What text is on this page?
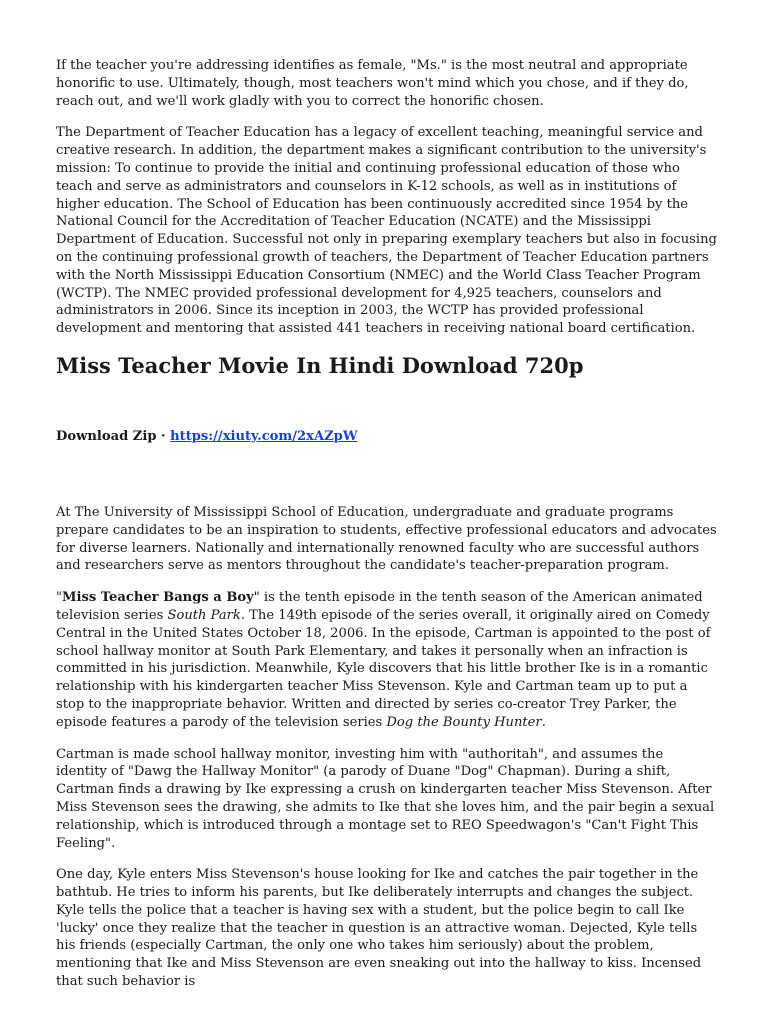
If the teacher you're addressing identifies as female, "Ms." is the most neutral and appropriate honorific to use. Ultimately, though, most teachers won't mind which you chose, and if they do, reach out, and we'll work gladly with you to correct the honorific chosen.

The Department of Teacher Education has a legacy of excellent teaching, meaningful service and creative research. In addition, the department makes a significant contribution to the university's mission: To continue to provide the initial and continuing professional education of those who teach and serve as administrators and counselors in K-12 schools, as well as in institutions of higher education. The School of Education has been continuously accredited since 1954 by the National Council for the Accreditation of Teacher Education (NCATE) and the Mississippi Department of Education. Successful not only in preparing exemplary teachers but also in focusing on the continuing professional growth of teachers, the Department of Teacher Education partners with the North Mississippi Education Consortium (NMEC) and the World Class Teacher Program (WCTP). The NMEC provided professional development for 4,925 teachers, counselors and administrators in 2006. Since its inception in 2003, the WCTP has provided professional development and mentoring that assisted 441 teachers in receiving national board certification.

Miss Teacher Movie In Hindi Download 720p
Download Zip · https://xiuty.com/2xAZpW

At The University of Mississippi School of Education, undergraduate and graduate programs prepare candidates to be an inspiration to students, effective professional educators and advocates for diverse learners. Nationally and internationally renowned faculty who are successful authors and researchers serve as mentors throughout the candidate's teacher-preparation program.

"Miss Teacher Bangs a Boy" is the tenth episode in the tenth season of the American animated television series South Park. The 149th episode of the series overall, it originally aired on Comedy Central in the United States October 18, 2006. In the episode, Cartman is appointed to the post of school hallway monitor at South Park Elementary, and takes it personally when an infraction is committed in his jurisdiction. Meanwhile, Kyle discovers that his little brother Ike is in a romantic relationship with his kindergarten teacher Miss Stevenson. Kyle and Cartman team up to put a stop to the inappropriate behavior. Written and directed by series co-creator Trey Parker, the episode features a parody of the television series Dog the Bounty Hunter.

Cartman is made school hallway monitor, investing him with "authoritah", and assumes the identity of "Dawg the Hallway Monitor" (a parody of Duane "Dog" Chapman). During a shift, Cartman finds a drawing by Ike expressing a crush on kindergarten teacher Miss Stevenson. After Miss Stevenson sees the drawing, she admits to Ike that she loves him, and the pair begin a sexual relationship, which is introduced through a montage set to REO Speedwagon's "Can't Fight This Feeling".

One day, Kyle enters Miss Stevenson's house looking for Ike and catches the pair together in the bathtub. He tries to inform his parents, but Ike deliberately interrupts and changes the subject. Kyle tells the police that a teacher is having sex with a student, but the police begin to call Ike 'lucky' once they realize that the teacher in question is an attractive woman. Dejected, Kyle tells his friends (especially Cartman, the only one who takes him seriously) about the problem, mentioning that Ike and Miss Stevenson are even sneaking out into the hallway to kiss. Incensed that such behavior is
